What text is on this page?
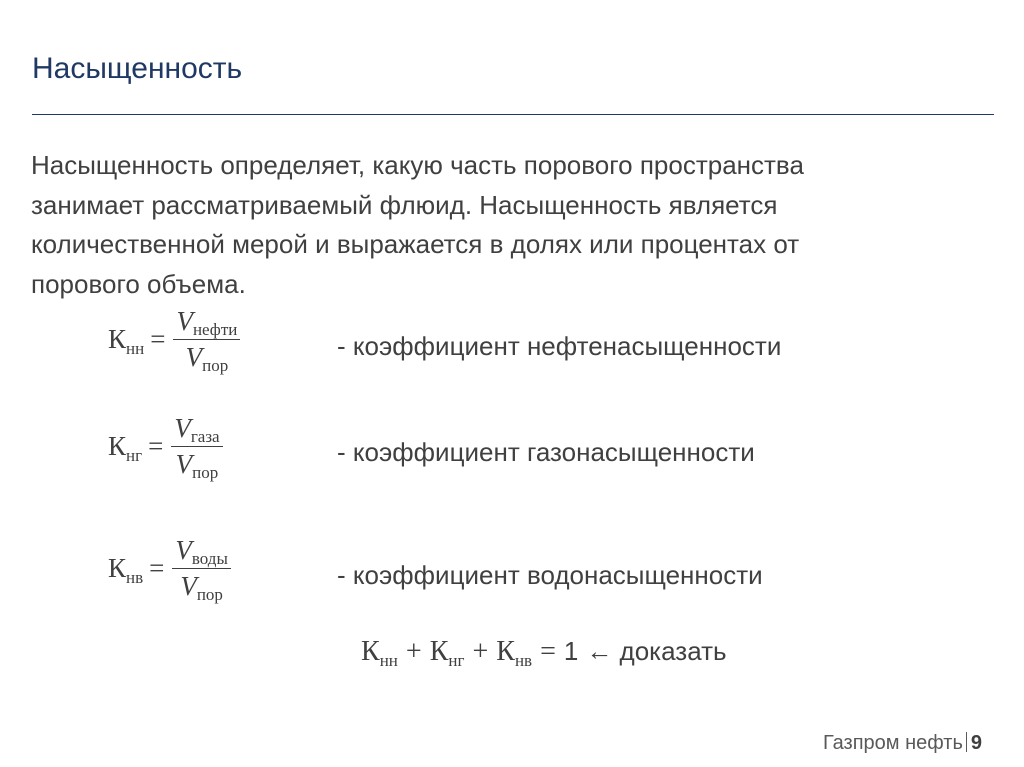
Насыщенность
Насыщенность определяет, какую часть порового пространства
занимает рассматриваемый флюид. Насыщенность является
количественной мерой и выражается в долях или процентах от
порового объема.
К нн = $\frac{\text{V нефти}}{\text{V пор}}$	- коэффициент нефтенасыщенности
К нг = $\frac{\text{V газа}}{\text{V пор}}$	- коэффициент газонасыщенности
К нв = $\frac{\text{V воды}}{\text{V пор}}$	- коэффициент водонасыщенности
К нн + К нг + К нв = 1 ← доказать
Газпром нефть 9
